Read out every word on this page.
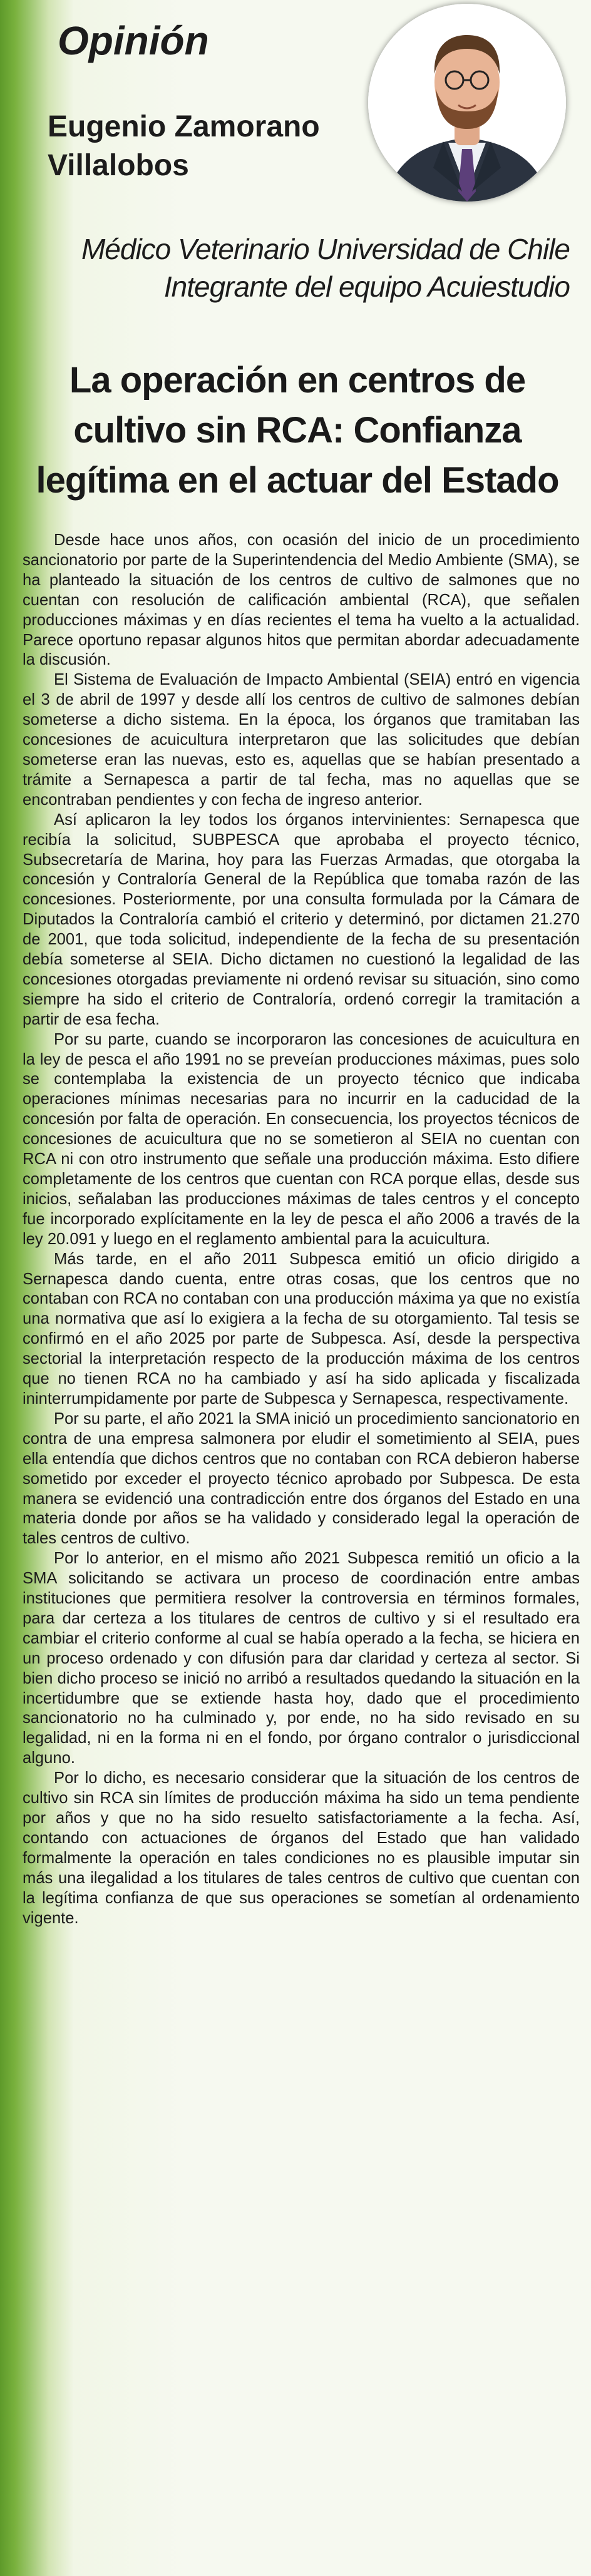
Opinión
Eugenio Zamorano
Villalobos

Médico Veterinario Universidad de Chile

Integrante del equipo Acuiestudio

La operación en centros de
cultivo sin RCA: Confianza
legítima en el actuar del Estado

Desde hace unos años, con ocasión del inicio de un procedimiento sancionatorio por parte de la Superintendencia del Medio Ambiente (SMA), se ha planteado la situación de los centros de cultivo de salmones que no cuentan con resolución de calificación ambiental (RCA), que señalen producciones máximas y en días recientes el tema ha vuelto a la actualidad. Parece oportuno repasar algunos hitos que permitan abordar adecuadamente la discusión.

El Sistema de Evaluación de Impacto Ambiental (SEIA) entró en vigencia el 3 de abril de 1997 y desde allí los centros de cultivo de salmones debían someterse a dicho sistema. En la época, los órganos que tramitaban las concesiones de acuicultura interpretaron que las solicitudes que debían someterse eran las nuevas, esto es, aquellas que se habían presentado a trámite a Sernapesca a partir de tal fecha, mas no aquellas que se encontraban pendientes y con fecha de ingreso anterior.

Así aplicaron la ley todos los órganos intervinientes: Sernapesca que recibía la solicitud, SUBPESCA que aprobaba el proyecto técnico, Subsecretaría de Marina, hoy para las Fuerzas Armadas, que otorgaba la concesión y Contraloría General de la República que tomaba razón de las concesiones. Posteriormente, por una consulta formulada por la Cámara de Diputados la Contraloría cambió el criterio y determinó, por dictamen 21.270 de 2001, que toda solicitud, independiente de la fecha de su presentación debía someterse al SEIA. Dicho dictamen no cuestionó la legalidad de las concesiones otorgadas previamente ni ordenó revisar su situación, sino como siempre ha sido el criterio de Contraloría, ordenó corregir la tramitación a partir de esa fecha.

Por su parte, cuando se incorporaron las concesiones de acuicultura en la ley de pesca el año 1991 no se preveían producciones máximas, pues solo se contemplaba la existencia de un proyecto técnico que indicaba operaciones mínimas necesarias para no incurrir en la caducidad de la concesión por falta de operación. En consecuencia, los proyectos técnicos de concesiones de acuicultura que no se sometieron al SEIA no cuentan con RCA ni con otro instrumento que señale una producción máxima. Esto difiere completamente de los centros que cuentan con RCA porque ellas, desde sus inicios, señalaban las producciones máximas de tales centros y el concepto fue incorporado explícitamente en la ley de pesca el año 2006 a través de la ley 20.091 y luego en el reglamento ambiental para la acuicultura.

Más tarde, en el año 2011 Subpesca emitió un oficio dirigido a Sernapesca dando cuenta, entre otras cosas, que los centros que no contaban con RCA no contaban con una producción máxima ya que no existía una normativa que así lo exigiera a la fecha de su otorgamiento. Tal tesis se confirmó en el año 2025 por parte de Subpesca. Así, desde la perspectiva sectorial la interpretación respecto de la producción máxima de los centros que no tienen RCA no ha cambiado y así ha sido aplicada y fiscalizada ininterrumpidamente por parte de Subpesca y Sernapesca, respectivamente.

Por su parte, el año 2021 la SMA inició un procedimiento sancionatorio en contra de una empresa salmonera por eludir el sometimiento al SEIA, pues ella entendía que dichos centros que no contaban con RCA debieron haberse sometido por exceder el proyecto técnico aprobado por Subpesca. De esta manera se evidenció una contradicción entre dos órganos del Estado en una materia donde por años se ha validado y considerado legal la operación de tales centros de cultivo.

Por lo anterior, en el mismo año 2021 Subpesca remitió un oficio a la SMA solicitando se activara un proceso de coordinación entre ambas instituciones que permitiera resolver la controversia en términos formales, para dar certeza a los titulares de centros de cultivo y si el resultado era cambiar el criterio conforme al cual se había operado a la fecha, se hiciera en un proceso ordenado y con difusión para dar claridad y certeza al sector. Si bien dicho proceso se inició no arribó a resultados quedando la situación en la incertidumbre que se extiende hasta hoy, dado que el procedimiento sancionatorio no ha culminado y, por ende, no ha sido revisado en su legalidad, ni en la forma ni en el fondo, por órgano contralor o jurisdiccional alguno.

Por lo dicho, es necesario considerar que la situación de los centros de cultivo sin RCA sin límites de producción máxima ha sido un tema pendiente por años y que no ha sido resuelto satisfactoriamente a la fecha. Así, contando con actuaciones de órganos del Estado que han validado formalmente la operación en tales condiciones no es plausible imputar sin más una ilegalidad a los titulares de tales centros de cultivo que cuentan con la legítima confianza de que sus operaciones se sometían al ordenamiento vigente.
